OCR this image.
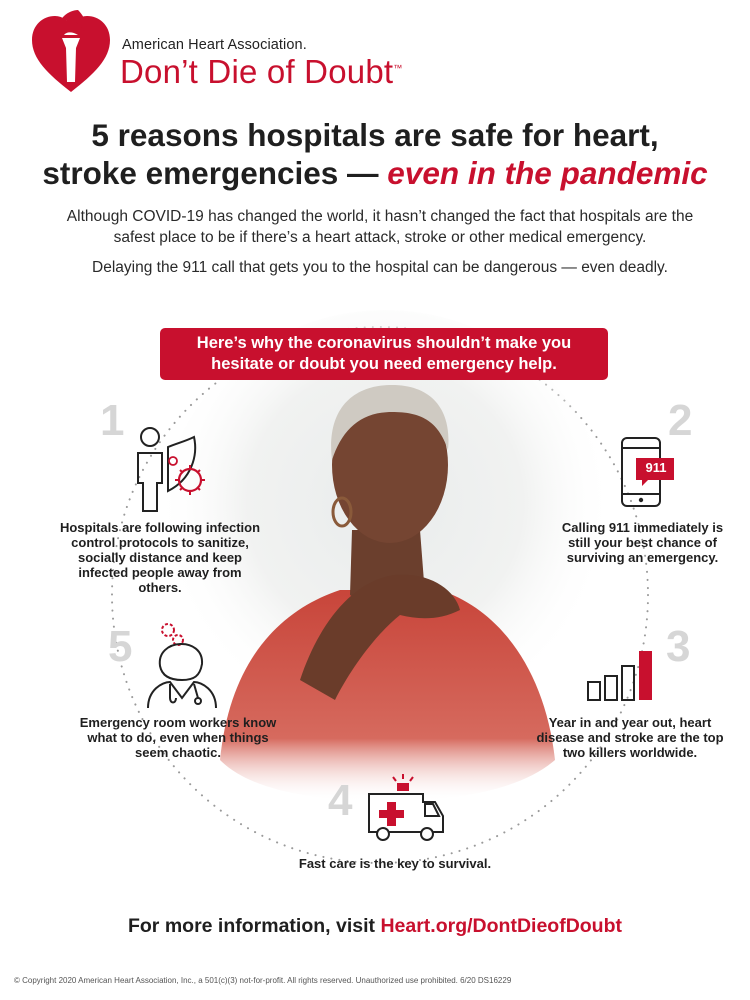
American Heart Association.
Don’t Die of Doubt™
5 reasons hospitals are safe for heart,
stroke emergencies — even in the pandemic
Although COVID-19 has changed the world, it hasn’t changed the fact that hospitals are the safest place to be if there’s a heart attack, stroke or other medical emergency.
Delaying the 911 call that gets you to the hospital can be dangerous — even deadly.
Here’s why the coronavirus shouldn’t make you hesitate or doubt you need emergency help.
1
Hospitals are following infection control protocols to sanitize, socially distance and keep infected people away from others.
2
911
Calling 911 immediately is still your best chance of surviving an emergency.
3
Year in and year out, heart disease and stroke are the top two killers worldwide.
4
Fast care is the key to survival.
5
Emergency room workers know what to do, even when things seem chaotic.
For more information, visit Heart.org/DontDieofDoubt
© Copyright 2020 American Heart Association, Inc., a 501(c)(3) not-for-profit. All rights reserved. Unauthorized use prohibited. 6/20 DS16229
